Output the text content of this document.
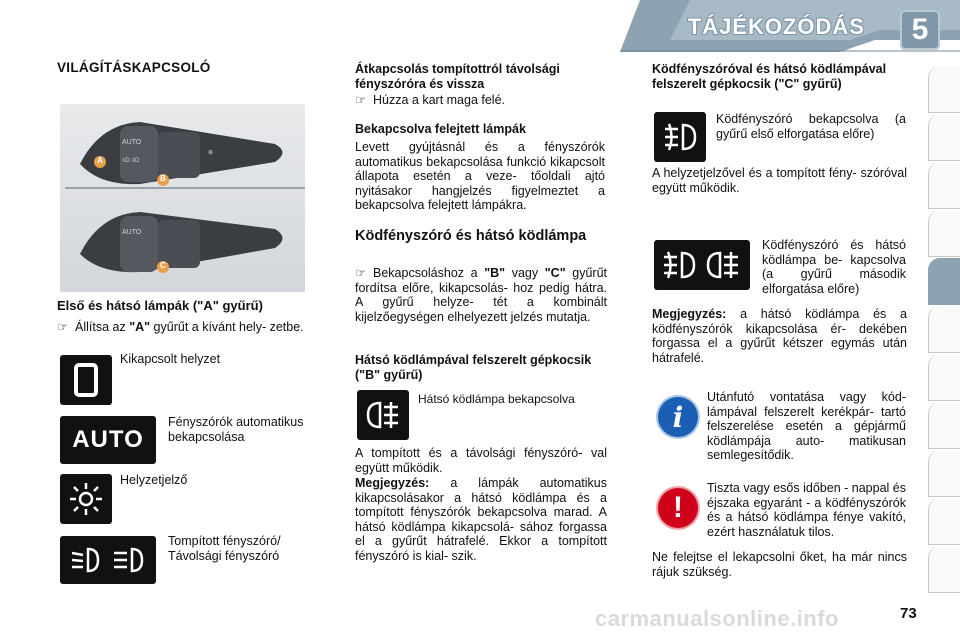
TÁJÉKOZÓDÁS	5
VILÁGÍTÁSKAPCSOLÓ
AUTO
≡D ≡D
⊕
AUTO
A
B
C
Első és hátsó lámpák ("A" gyűrű)
☞ Állítsa az "A" gyűrűt a kívánt hely- zetbe.
Kikapcsolt helyzet
AUTO
Fényszórók automatikus bekapcsolása
Helyzetjelző
Tompított fényszóró/ Távolsági fényszóró
Átkapcsolás tompítottról távolsági fényszóróra és vissza
☞ Húzza a kart maga felé.
Bekapcsolva felejtett lámpák
Levett gyújtásnál és a fényszórók automatikus bekapcsolása funkció kikapcsolt állapota esetén a veze- tőoldali ajtó nyitásakor hangjelzés figyelmeztet a bekapcsolva felejtett lámpákra.
Ködfényszóró és hátsó ködlámpa
☞ Bekapcsoláshoz a "B" vagy "C" gyűrűt fordítsa előre, kikapcsolás- hoz pedig hátra. A gyűrű helyze- tét a kombinált kijelzőegységen elhelyezett jelzés mutatja.
Hátsó ködlámpával felszerelt gépkocsik ("B" gyűrű)
Hátsó ködlámpa bekapcsolva
A tompított és a távolsági fényszóró- val együtt működik.
Megjegyzés: a lámpák automatikus kikapcsolásakor a hátsó ködlámpa és a tompított fényszórók bekapcsolva marad. A hátsó ködlámpa kikapcsolá- sához forgassa el a gyűrűt hátrafelé. Ekkor a tompított fényszóró is kial- szik.
Ködfényszóróval és hátsó ködlámpával felszerelt gépkocsik ("C" gyűrű)
Ködfényszóró bekapcsolva (a gyűrű első elforgatása előre)
A helyzetjelzővel és a tompított fény- szóróval együtt működik.
Ködfényszóró és hátsó ködlámpa be- kapcsolva (a gyűrű második elforgatása előre)
Megjegyzés: a hátsó ködlámpa és a ködfényszórók kikapcsolása ér- dekében forgassa el a gyűrűt kétszer egymás után hátrafelé.
i
Utánfutó vontatása vagy kód- lámpával felszerelt kerékpár- tartó felszerelése esetén a gépjármű ködlámpája auto- matikusan semlegesítődik.
!
Tiszta vagy esős időben - nappal és éjszaka egyaránt - a ködfényszórók és a hátsó ködlámpa fénye vakító, ezért használatuk tilos.
Ne felejtse el lekapcsolni őket, ha már nincs rájuk szükség.
73
carmanualsonline.info
